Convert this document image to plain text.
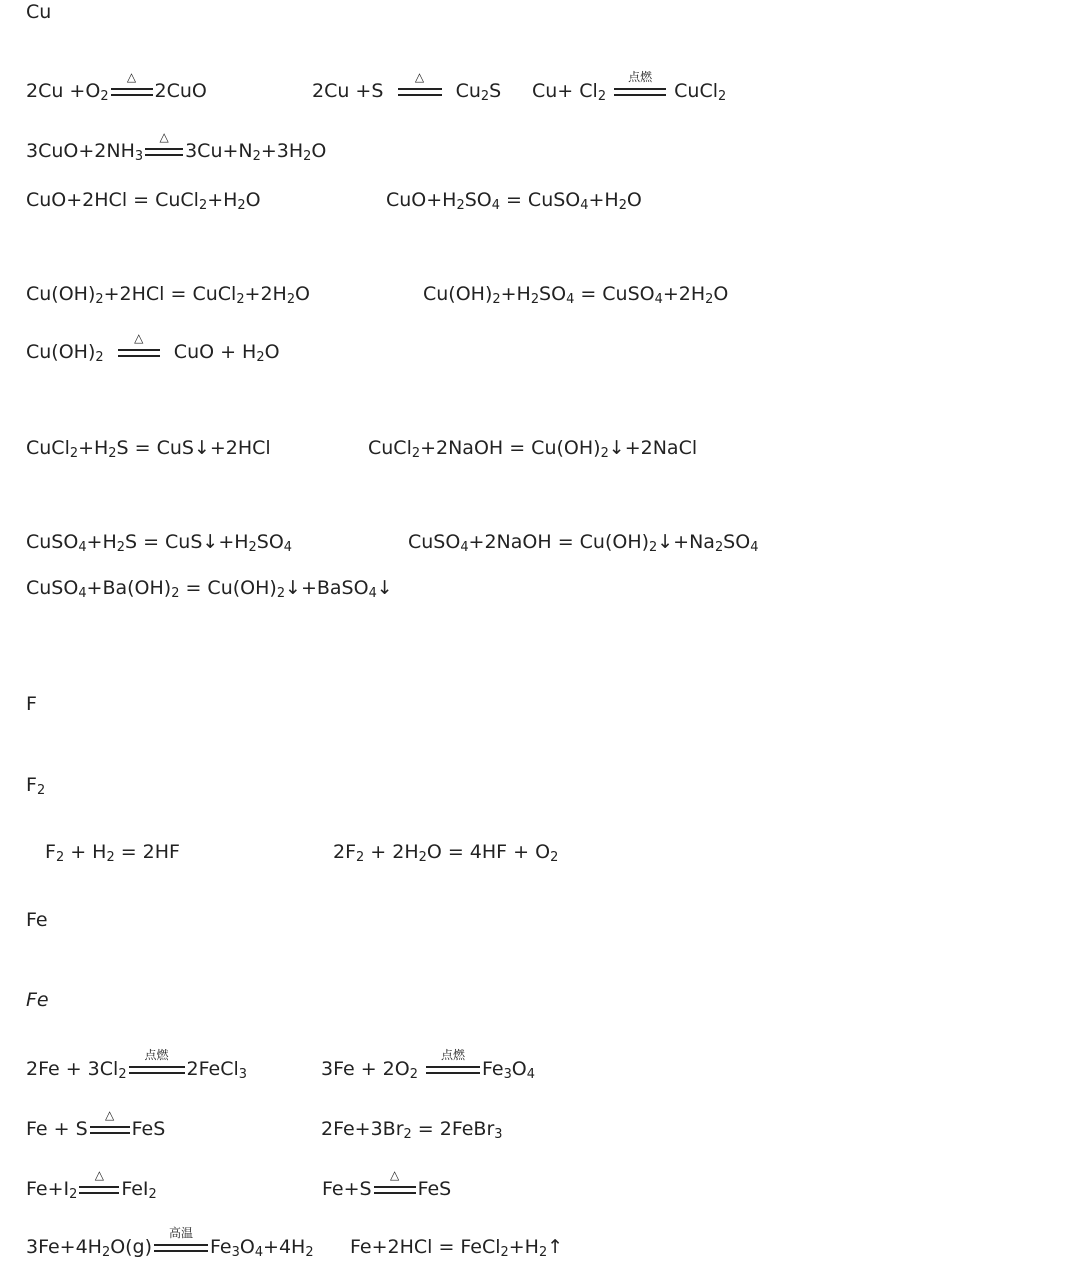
Cu
$2Cu +O_2$
△
2CuO	2Cu +S
△
$Cu_2S$ $Cu+ Cl_2$
点燃
CuCl$_2$
$3CuO+2NH_3$
△
$3Cu+N_2+3H_2O$
$CuO+2HCl = CuCl_2+H_2O$	$CuO+H_2SO_4$ = $CuSO_4+H_2O$
$Cu(OH)_2+2HCl$ = $CuCl_2+2H_2O$	$Cu(OH)_2+H_2SO_4$ = $CuSO_4+2H_2O$
$Cu(OH)_2$
△
CuO + $H_2O$
$CuCl_2+H_2S$ = CuS↓+2HCl	CuCl$_2$+2NaOH = $Cu(OH)_2↓+2NaCl$
$CuSO_4+H_2S$ = $CuS↓+H_2SO_4$	CuSO$_4$+2NaOH = $Cu(OH)_2↓+Na_2SO_4$
$CuSO_4+Ba(OH)_2$ = $Cu(OH)_2↓+BaSO_4↓$
F
$F_2$
$F_2 + H_2 = 2HF$	$2F_2 + 2H_2O = 4HF + O_2$
Fe
Fe
$2Fe + 3Cl_2$
点燃
2FeCl$_3$	$3Fe + 2O_2$
点燃
$Fe_3O_4$
Fe + S
△
FeS	$2Fe+3Br_2$ = 2FeBr$_3$
$Fe+I_2$
△
FeI$_2$	Fe+S
△
FeS
$3Fe+4H_2O(g)$
高温
$Fe_3O_4+4H_2$ $Fe+2HCl = FeCl_2+H_2↑$
